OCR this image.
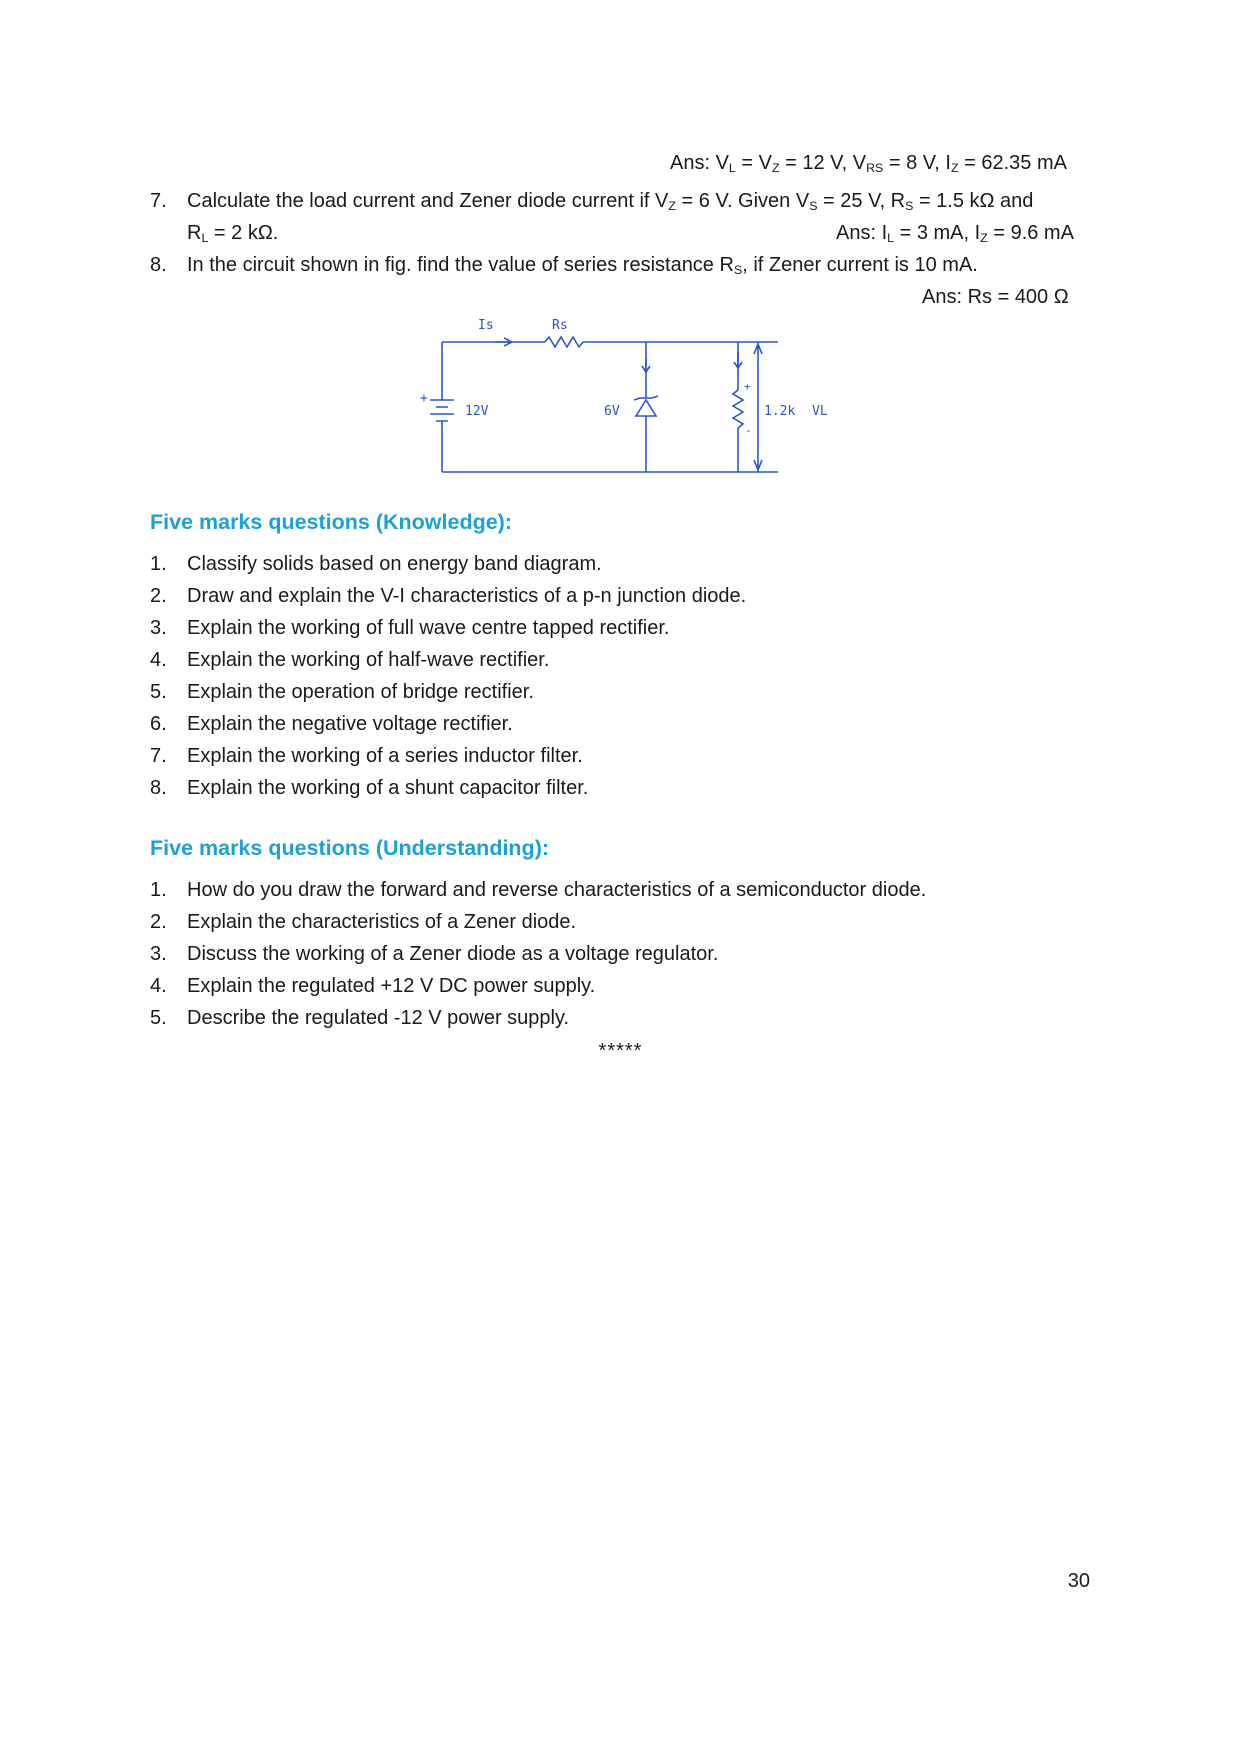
Ans: $V_L = V_Z = 12$ V, $V_{RS} = 8$ V, $I_Z = 62.35$ mA
7.	Calculate the load current and Zener diode current if $V_Z = 6$ V. Given $V_S = 25$ V, $R_S = 1.5$ kΩ and
$R_L = 2$ kΩ.	Ans: $I_L = 3$ mA, $I_Z = 9.6$ mA
8.	In the circuit shown in fig. find the value of series resistance $R_S$, if Zener current is 10 mA.
Ans: Rs = 400 Ω
Is	Rs
12V	6V	1.2k VL
+
+
-
Five marks questions (Knowledge):
1.	Classify solids based on energy band diagram.
2.	Draw and explain the V-I characteristics of a p-n junction diode.
3.	Explain the working of full wave centre tapped rectifier.
4.	Explain the working of half-wave rectifier.
5.	Explain the operation of bridge rectifier.
6.	Explain the negative voltage rectifier.
7.	Explain the working of a series inductor filter.
8.	Explain the working of a shunt capacitor filter.
Five marks questions (Understanding):
1.	How do you draw the forward and reverse characteristics of a semiconductor diode.
2.	Explain the characteristics of a Zener diode.
3.	Discuss the working of a Zener diode as a voltage regulator.
4.	Explain the regulated +12 V DC power supply.
5.	Describe the regulated -12 V power supply.
*****
30
